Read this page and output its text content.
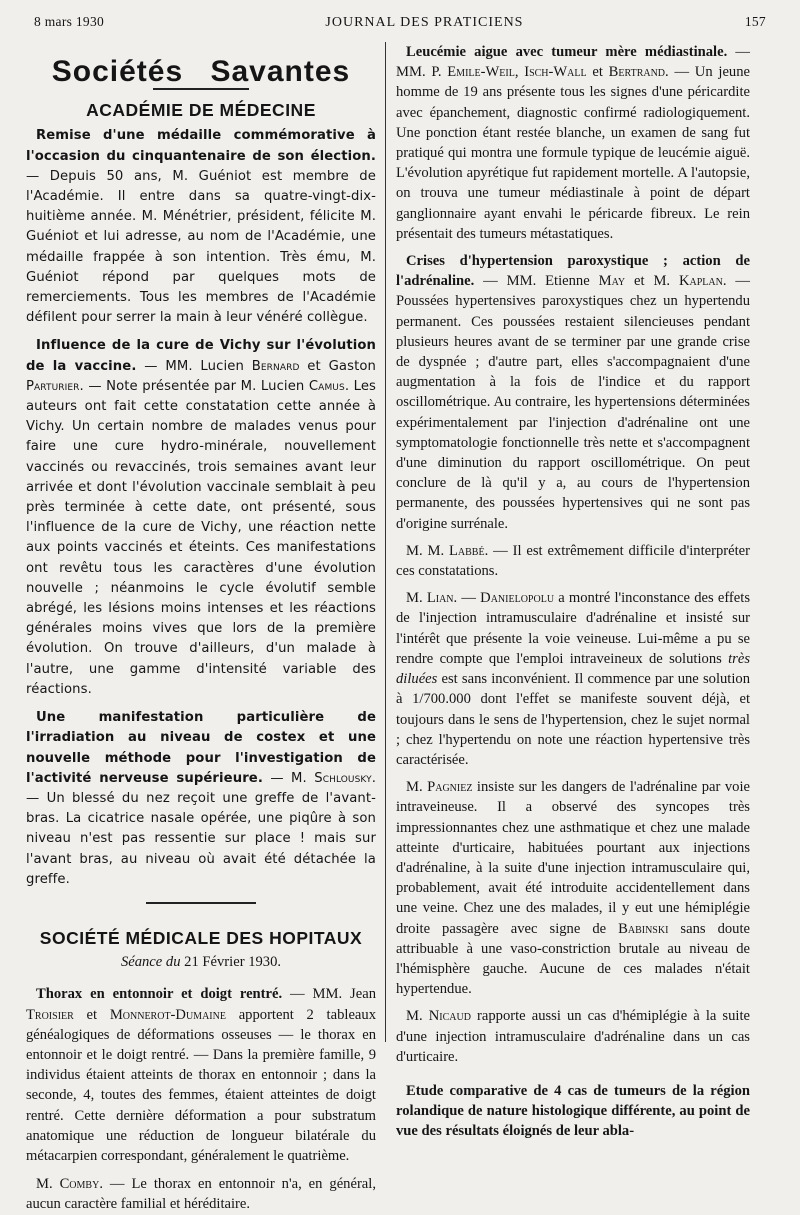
8 mars 1930	JOURNAL DES PRATICIENS	157
Sociétés Savantes
ACADÉMIE DE MÉDECINE

Remise d'une médaille commémorative à l'occasion du cinquantenaire de son élection. — Depuis 50 ans, M. Guéniot est membre de l'Académie. Il entre dans sa quatre-vingt-dix-huitième année. M. Ménétrier, président, félicite M. Guéniot et lui adresse, au nom de l'Académie, une médaille frappée à son intention. Très ému, M. Guéniot répond par quelques mots de remerciements. Tous les membres de l'Académie défilent pour serrer la main à leur vénéré collègue.

Influence de la cure de Vichy sur l'évolution de la vaccine. — MM. Lucien Bernard et Gaston Parturier. — Note présentée par M. Lucien Camus. Les auteurs ont fait cette constatation cette année à Vichy. Un certain nombre de malades venus pour faire une cure hydro-minérale, nouvellement vaccinés ou revaccinés, trois semaines avant leur arrivée et dont l'évolution vaccinale semblait à peu près terminée à cette date, ont présenté, sous l'influence de la cure de Vichy, une réaction nette aux points vaccinés et éteints. Ces manifestations ont revêtu tous les caractères d'une évolution nouvelle ; néanmoins le cycle évolutif semble abrégé, les lésions moins intenses et les réactions générales moins vives que lors de la première évolution. On trouve d'ailleurs, d'un malade à l'autre, une gamme d'intensité variable des réactions.

Une manifestation particulière de l'irradiation au niveau de costex et une nouvelle méthode pour l'investigation de l'activité nerveuse supérieure. — M. Schlousky. — Un blessé du nez reçoit une greffe de l'avant-bras. La cicatrice nasale opérée, une piqûre à son niveau n'est pas ressentie sur place ! mais sur l'avant bras, au niveau où avait été détachée la greffe.

SOCIÉTÉ MÉDICALE DES HOPITAUX
Séance du 21 Février 1930.

Thorax en entonnoir et doigt rentré. — MM. Jean Troisier et Monnerot-Dumaine apportent 2 tableaux généalogiques de déformations osseuses — le thorax en entonnoir et le doigt rentré. — Dans la première famille, 9 individus étaient atteints de thorax en entonnoir ; dans la seconde, 4, toutes des femmes, étaient atteintes de doigt rentré. Cette dernière déformation a pour substratum anatomique une réduction de longueur bilatérale du métacarpien correspondant, généralement le quatrième.

M. Comby. — Le thorax en entonnoir n'a, en général, aucun caractère familial et héréditaire.

Leucémie aigue avec tumeur mère médiastinale. — MM. P. Emile-Weil, Isch-Wall et Bertrand. — Un jeune homme de 19 ans présente tous les signes d'une péricardite avec épanchement, diagnostic confirmé radiologiquement. Une ponction étant restée blanche, un examen de sang fut pratiqué qui montra une formule typique de leucémie aiguë. L'évolution apyrétique fut rapidement mortelle. A l'autopsie, on trouva une tumeur médiastinale à point de départ ganglionnaire ayant envahi le péricarde fibreux. Le rein présentait des tumeurs métastatiques.

Crises d'hypertension paroxystique ; action de l'adrénaline. — MM. Etienne May et M. Kaplan. — Poussées hypertensives paroxystiques chez un hypertendu permanent. Ces poussées restaient silencieuses pendant plusieurs heures avant de se terminer par une grande crise de dyspnée ; d'autre part, elles s'accompagnaient d'une augmentation à la fois de l'indice et du rapport oscillométrique. Au contraire, les hypertensions déterminées expérimentalement par l'injection d'adrénaline ont une symptomatologie fonctionnelle très nette et s'accompagnent d'une diminution du rapport oscillométrique. On peut conclure de là qu'il y a, au cours de l'hypertension permanente, des poussées hypertensives qui ne sont pas d'origine surrénale.

M. M. Labbé. — Il est extrêmement difficile d'interpréter ces constatations.

M. Lian. — Danielopolu a montré l'inconstance des effets de l'injection intramusculaire d'adrénaline et insisté sur l'intérêt que présente la voie veineuse. Lui-même a pu se rendre compte que l'emploi intraveineux de solutions très diluées est sans inconvénient. Il commence par une solution à 1/700.000 dont l'effet se manifeste souvent déjà, et toujours dans le sens de l'hypertension, chez le sujet normal ; chez l'hypertendu on note une réaction hypertensive très caractérisée.

M. Pagniez insiste sur les dangers de l'adrénaline par voie intraveineuse. Il a observé des syncopes très impressionnantes chez une asthmatique et chez une malade atteinte d'urticaire, habituées pourtant aux injections d'adrénaline, à la suite d'une injection intramusculaire qui, probablement, avait été introduite accidentellement dans une veine. Chez une des malades, il y eut une hémiplégie droite passagère avec signe de Babinski sans doute attribuable à une vaso-constriction brutale au niveau de l'hémisphère gauche. Aucune de ces malades n'était hypertendue.

M. Nicaud rapporte aussi un cas d'hémiplégie à la suite d'une injection intramusculaire d'adrénaline dans un cas d'urticaire.

Etude comparative de 4 cas de tumeurs de la région rolandique de nature histologique différente, au point de vue des résultats éloignés de leur abla-
